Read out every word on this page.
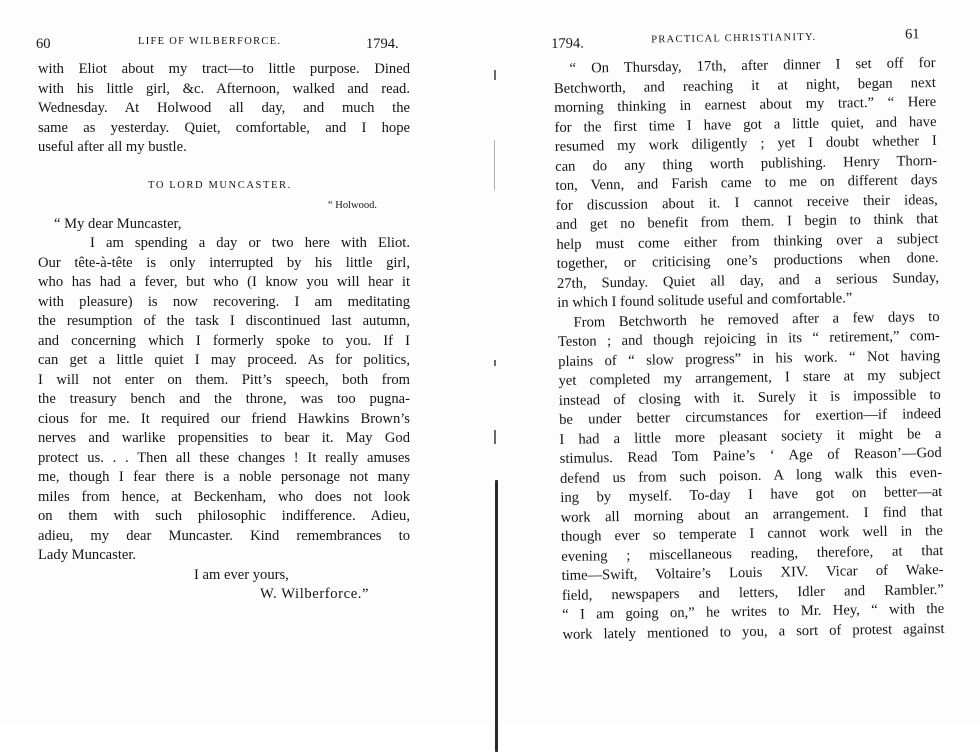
60	LIFE OF WILBERFORCE.	1794.
with Eliot about my tract—to little purpose. Dined
with his little girl, &c. Afternoon, walked and read.
Wednesday. At Holwood all day, and much the
same as yesterday. Quiet, comfortable, and I hope
useful after all my bustle.
TO LORD MUNCASTER.
“ Holwood.
“ My dear Muncaster,
I am spending a day or two here with Eliot.
Our tête-à-tête is only interrupted by his little girl,
who has had a fever, but who (I know you will hear it
with pleasure) is now recovering. I am meditating
the resumption of the task I discontinued last autumn,
and concerning which I formerly spoke to you. If I
can get a little quiet I may proceed. As for politics,
I will not enter on them. Pitt’s speech, both from
the treasury bench and the throne, was too pugna-
cious for me. It required our friend Hawkins Brown’s
nerves and warlike propensities to bear it. May God
protect us. . . Then all these changes ! It really amuses
me, though I fear there is a noble personage not many
miles from hence, at Beckenham, who does not look
on them with such philosophic indifference. Adieu,
adieu, my dear Muncaster. Kind remembrances to
Lady Muncaster.
I am ever yours,
W. Wilberforce.”
1794.	PRACTICAL CHRISTIANITY.	61
“ On Thursday, 17th, after dinner I set off for
Betchworth, and reaching it at night, began next
morning thinking in earnest about my tract.” “ Here
for the first time I have got a little quiet, and have
resumed my work diligently ; yet I doubt whether I
can do any thing worth publishing. Henry Thorn-
ton, Venn, and Farish came to me on different days
for discussion about it. I cannot receive their ideas,
and get no benefit from them. I begin to think that
help must come either from thinking over a subject
together, or criticising one’s productions when done.
27th, Sunday. Quiet all day, and a serious Sunday,
in which I found solitude useful and comfortable.”
From Betchworth he removed after a few days to
Teston ; and though rejoicing in its “ retirement,” com-
plains of “ slow progress” in his work. “ Not having
yet completed my arrangement, I stare at my subject
instead of closing with it. Surely it is impossible to
be under better circumstances for exertion—if indeed
I had a little more pleasant society it might be a
stimulus. Read Tom Paine’s ‘ Age of Reason’—God
defend us from such poison. A long walk this even-
ing by myself. To-day I have got on better—at
work all morning about an arrangement. I find that
though ever so temperate I cannot work well in the
evening ; miscellaneous reading, therefore, at that
time—Swift, Voltaire’s Louis XIV. Vicar of Wake-
field, newspapers and letters, Idler and Rambler.”
“ I am going on,” he writes to Mr. Hey, “ with the
work lately mentioned to you, a sort of protest against
